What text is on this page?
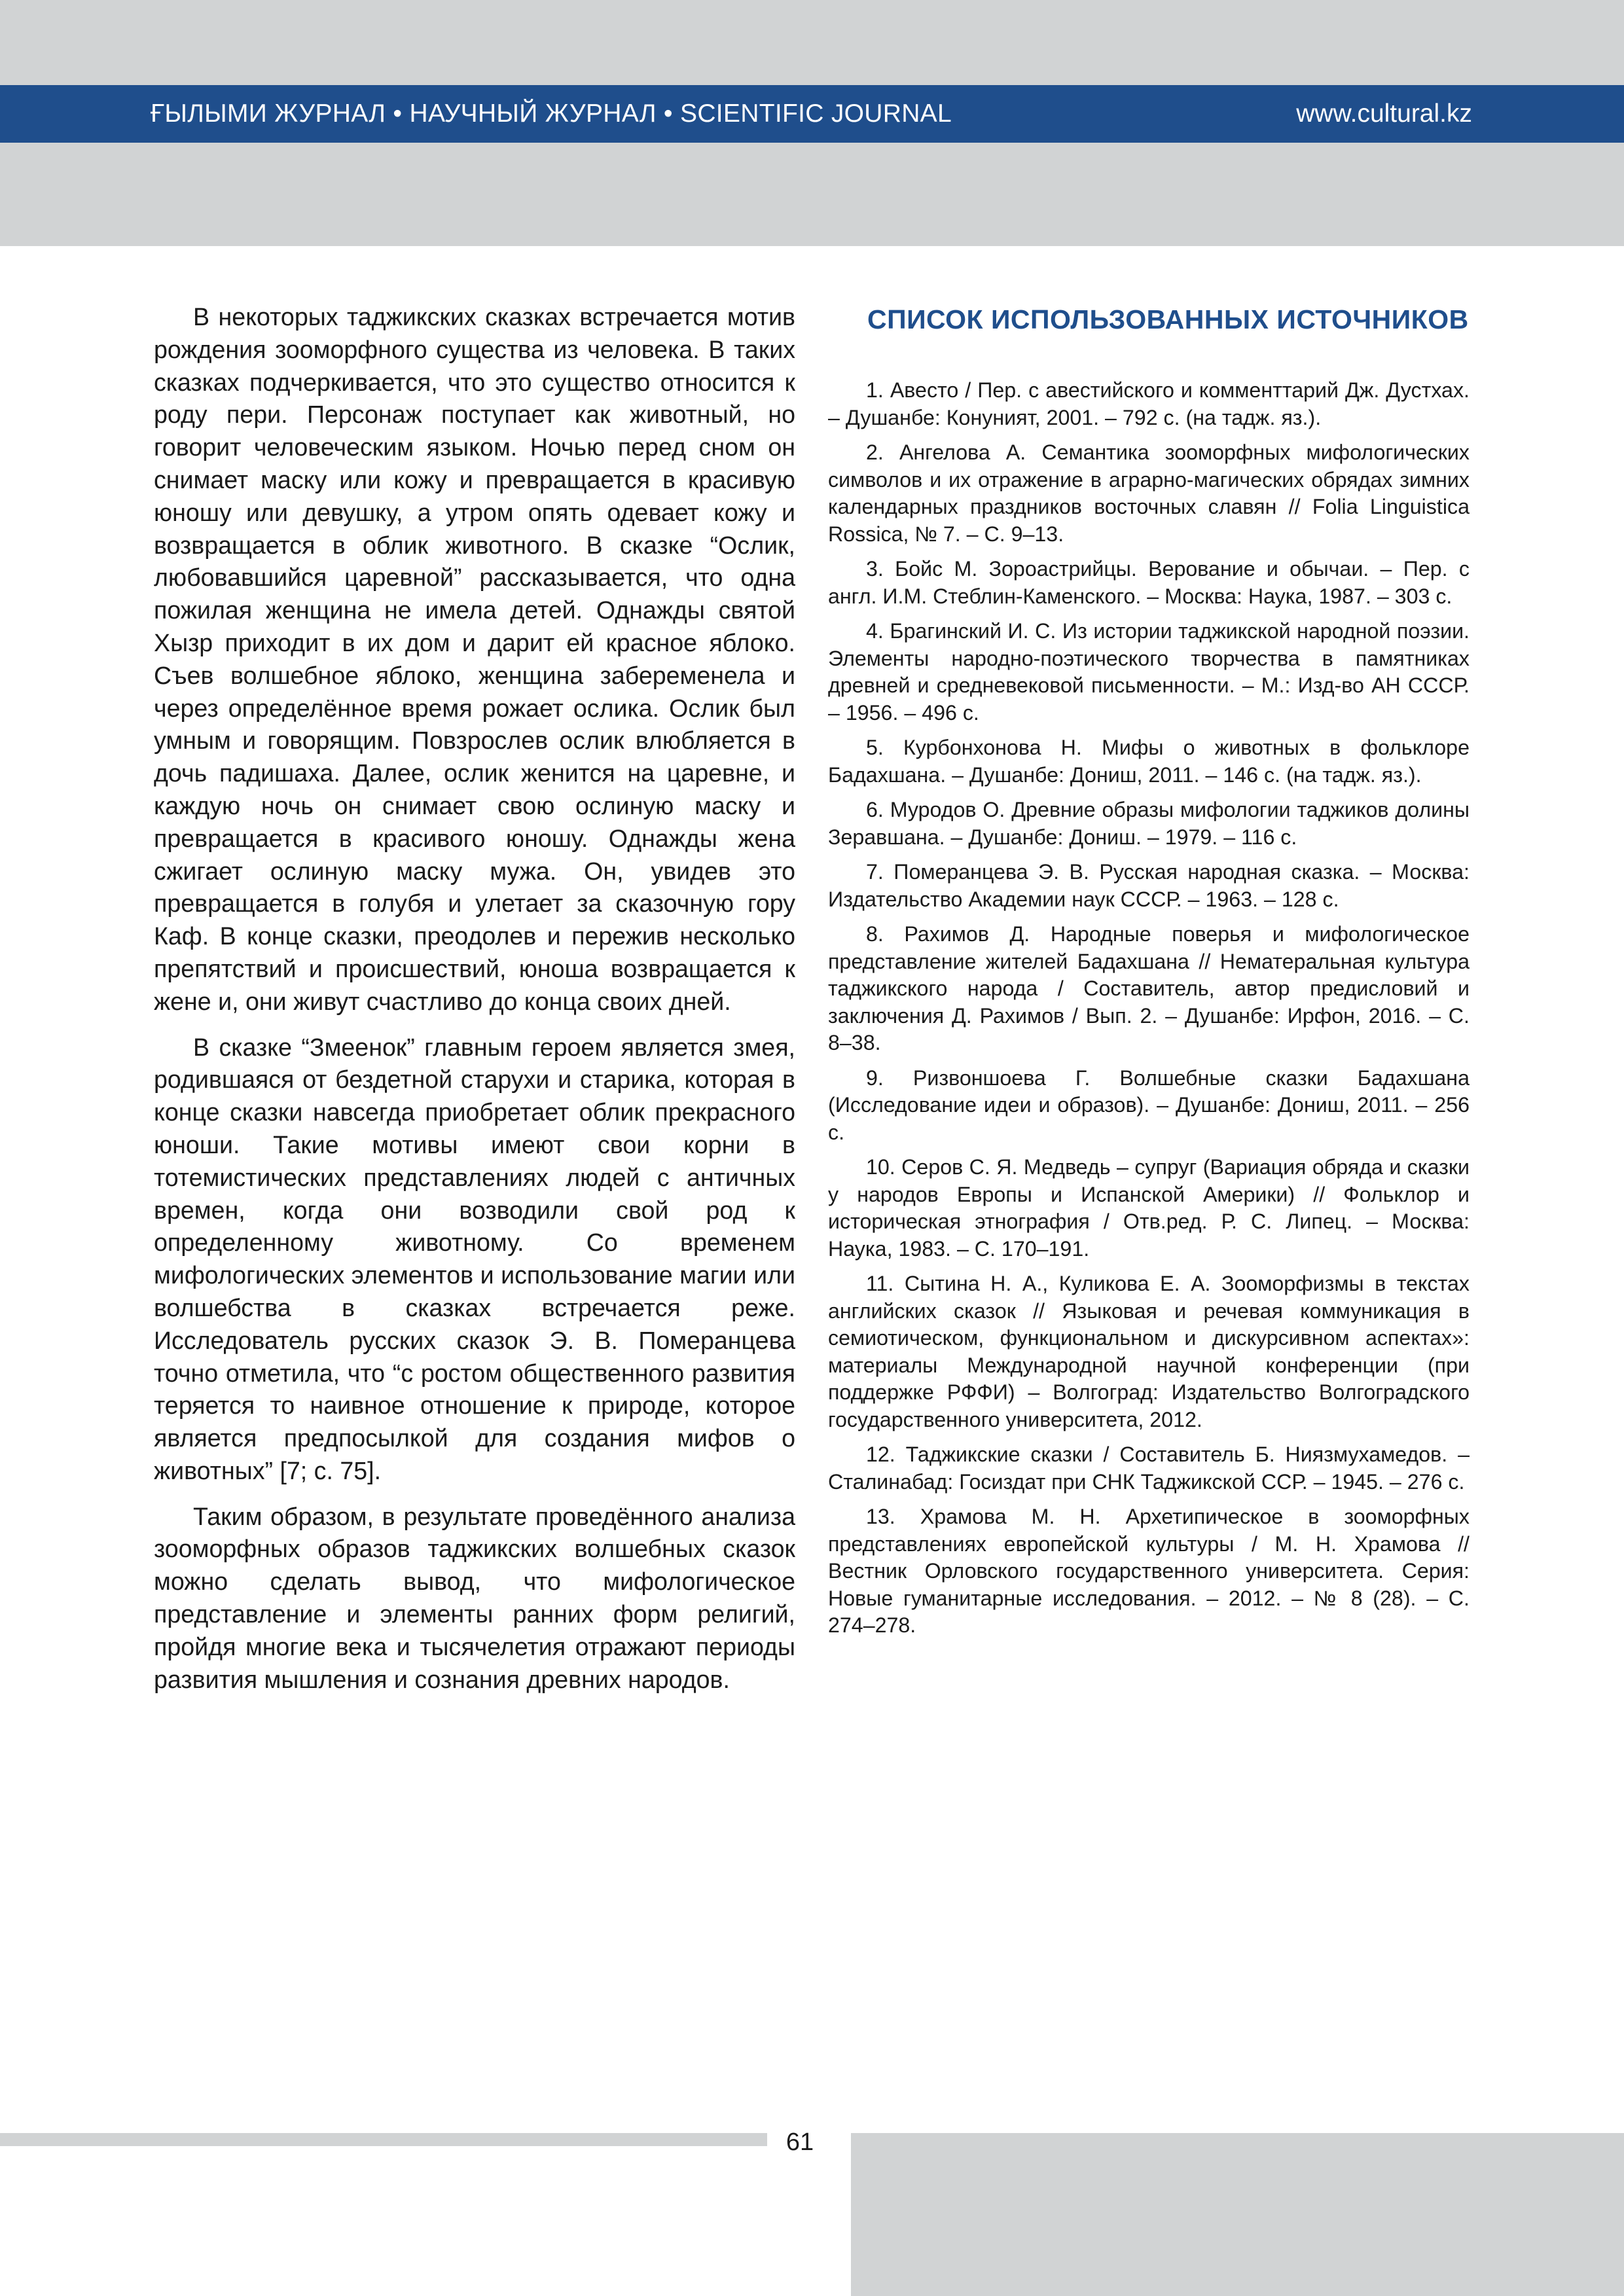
ҒЫЛЫМИ ЖУРНАЛ • НАУЧНЫЙ ЖУРНАЛ • SCIENTIFIC JOURNAL	www.cultural.kz

В некоторых таджикских сказках встречается мотив рождения зооморфного существа из человека. В таких сказках подчеркивается, что это существо относится к роду пери. Персонаж поступает как животный, но говорит человеческим языком. Ночью перед сном он снимает маску или кожу и превращается в красивую юношу или девушку, а утром опять одевает кожу и возвращается в облик животного. В сказке “Ослик, любовавшийся царевной” рассказывается, что одна пожилая женщина не имела детей. Однажды святой Хызр приходит в их дом и дарит ей красное яблоко. Съев волшебное яблоко, женщина забеременела и через определённое время рожает ослика. Ослик был умным и говорящим. Повзрослев ослик влюбляется в дочь падишаха. Далее, ослик женится на царевне, и каждую ночь он снимает свою ослиную маску и превращается в красивого юношу. Однажды жена сжигает ослиную маску мужа. Он, увидев это превращается в голубя и улетает за сказочную гору Каф. В конце сказки, преодолев и пережив несколько препятствий и происшествий, юноша возвращается к жене и, они живут счастливо до конца своих дней.

В сказке “Змеенок” главным героем является змея, родившаяся от бездетной старухи и старика, которая в конце сказки навсегда приобретает облик прекрасного юноши. Такие мотивы имеют свои корни в тотемистических представлениях людей с античных времен, когда они возводили свой род к определенному животному. Со временем мифологических элементов и использование магии или волшебства в сказках встречается реже. Исследователь русских сказок Э. В. Померанцева точно отметила, что “с ростом общественного развития теряется то наивное отношение к природе, которое является предпосылкой для создания мифов о животных” [7; с. 75].

Таким образом, в результате проведённого анализа зооморфных образов таджикских волшебных сказок можно сделать вывод, что мифологическое представление и элементы ранних форм религий, пройдя многие века и тысячелетия отражают периоды развития мышления и сознания древних народов.

СПИСОК ИСПОЛЬЗОВАННЫХ ИСТОЧНИКОВ

1. Авесто / Пер. с авестийского и комменттарий Дж. Дустхах. – Душанбе: Конуният, 2001. – 792 с. (на тадж. яз.).

2. Ангелова А. Семантика зооморфных мифологических символов и их отражение в аграрно-магических обрядах зимних календарных праздников восточных славян // Folia Linguistica Rossica, № 7. – С. 9–13.

3. Бойс М. Зороастрийцы. Верование и обычаи. – Пер. с англ. И.М. Стеблин-Каменского. – Москва: Наука, 1987. – 303 с.

4. Брагинский И. С. Из истории таджикской народной поэзии. Элементы народно-поэтического творчества в памятниках древней и средневековой письменности. – М.: Изд-во АН СССР. – 1956. – 496 с.

5. Курбонхонова Н. Мифы о животных в фольклоре Бадахшана. – Душанбе: Дониш, 2011. – 146 с. (на тадж. яз.).

6. Муродов О. Древние образы мифологии таджиков долины Зеравшана. – Душанбе: Дониш. – 1979. – 116 с.

7. Померанцева Э. В. Русская народная сказка. – Москва: Издательство Академии наук СССР. – 1963. – 128 с.

8. Рахимов Д. Народные поверья и мифологическое представление жителей Бадахшана // Нематеральная культура таджикского народа / Составитель, автор предисловий и заключения Д. Рахимов / Вып. 2. – Душанбе: Ирфон, 2016. – С. 8–38.

9. Ризвоншоева Г. Волшебные сказки Бадахшана (Исследование идеи и образов). – Душанбе: Дониш, 2011. – 256 с.

10. Серов С. Я. Медведь – супруг (Вариация обряда и сказки у народов Европы и Испанской Америки) // Фольклор и историческая этнография / Отв.ред. Р. С. Липец. – Москва: Наука, 1983. – С. 170–191.

11. Сытина Н. А., Куликова Е. А. Зооморфизмы в текстах английских сказок // Языковая и речевая коммуникация в семиотическом, функциональном и дискурсивном аспектах»: материалы Международной научной конференции (при поддержке РФФИ) – Волгоград: Издательство Волгоградского государственного университета, 2012.

12. Таджикские сказки / Составитель Б. Ниязмухамедов. – Сталинабад: Госиздат при СНК Таджикской ССР. – 1945. – 276 с.

13. Храмова М. Н. Архетипическое в зооморфных представлениях европейской культуры / М. Н. Храмова // Вестник Орловского государственного университета. Серия: Новые гуманитарные исследования. – 2012. – № 8 (28). – С. 274–278.

61
